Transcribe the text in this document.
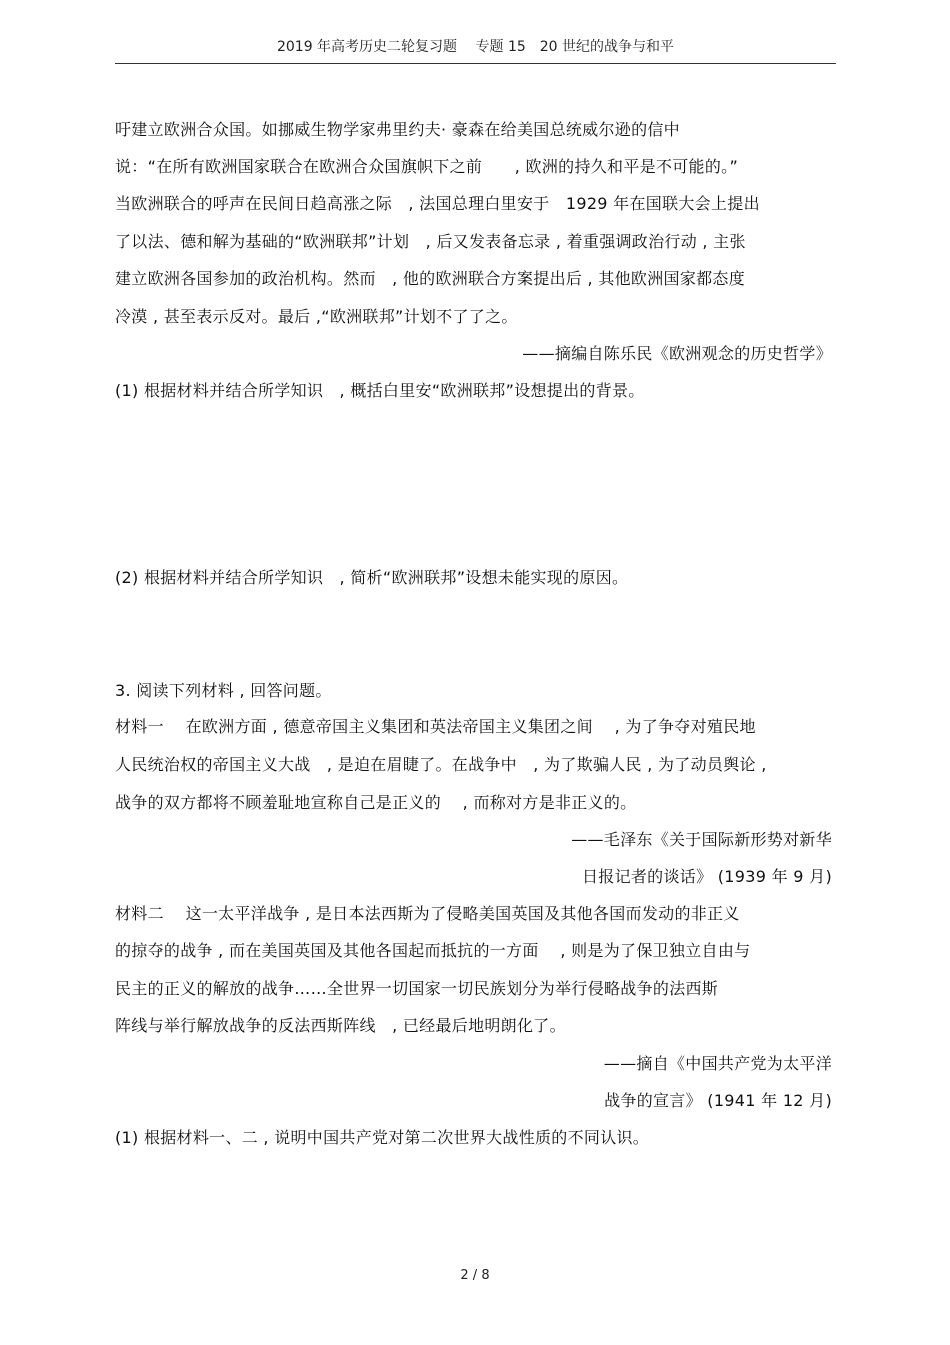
2019 年高考历史二轮复习题　 专题 15　20 世纪的战争与和平
吁建立欧洲合众国。如挪威生物学家弗里约夫· 豪森在给美国总统威尔逊的信中
说：“在所有欧洲国家联合在欧洲合众国旗帜下之前　　, 欧洲的持久和平是不可能的。”
当欧洲联合的呼声在民间日趋高涨之际　, 法国总理白里安于　1929 年在国联大会上提出
了以法、德和解为基础的“欧洲联邦”计划　, 后又发表备忘录 , 着重强调政治行动 , 主张
建立欧洲各国参加的政治机构。然而　, 他的欧洲联合方案提出后 , 其他欧洲国家都态度
冷漠 , 甚至表示反对。最后 ,“欧洲联邦”计划不了了之。
——摘编自陈乐民《欧洲观念的历史哲学》
(1) 根据材料并结合所学知识　, 概括白里安“欧洲联邦”设想提出的背景。
(2) 根据材料并结合所学知识　, 简析“欧洲联邦”设想未能实现的原因。
3. 阅读下列材料 , 回答问题。
材料一　 在欧洲方面 , 德意帝国主义集团和英法帝国主义集团之间　 , 为了争夺对殖民地
人民统治权的帝国主义大战　, 是迫在眉睫了。在战争中　, 为了欺骗人民 , 为了动员舆论 ,
战争的双方都将不顾羞耻地宣称自己是正义的　 , 而称对方是非正义的。
——毛泽东《关于国际新形势对新华
日报记者的谈话》 (1939 年 9 月)
材料二　 这一太平洋战争 , 是日本法西斯为了侵略美国英国及其他各国而发动的非正义
的掠夺的战争 , 而在美国英国及其他各国起而抵抗的一方面　 , 则是为了保卫独立自由与
民主的正义的解放的战争……全世界一切国家一切民族划分为举行侵略战争的法西斯
阵线与举行解放战争的反法西斯阵线　, 已经最后地明朗化了。
——摘自《中国共产党为太平洋
战争的宣言》 (1941 年 12 月)
(1) 根据材料一、二 , 说明中国共产党对第二次世界大战性质的不同认识。
2 / 8
